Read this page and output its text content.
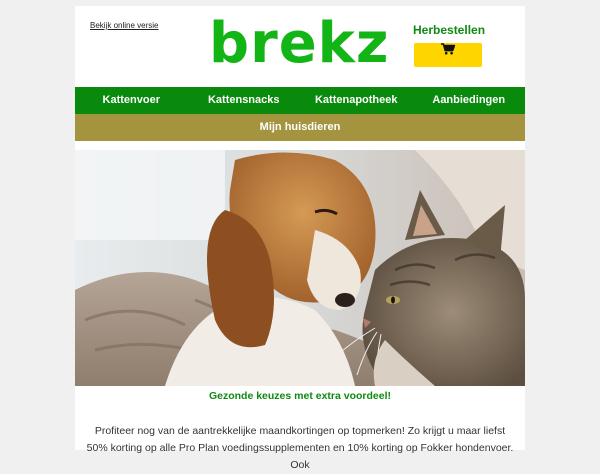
Bekijk online versie brekz Herbestellen
Kattenvoer	Kattensnacks	Kattenapotheek	Aanbiedingen
Mijn huisdieren
Gezonde keuzes met extra voordeel!
Profiteer nog van de aantrekkelijke maandkortingen op topmerken! Zo krijgt u maar liefst 50% korting op alle Pro Plan voedingssupplementen en 10% korting op Fokker hondenvoer. Ook
